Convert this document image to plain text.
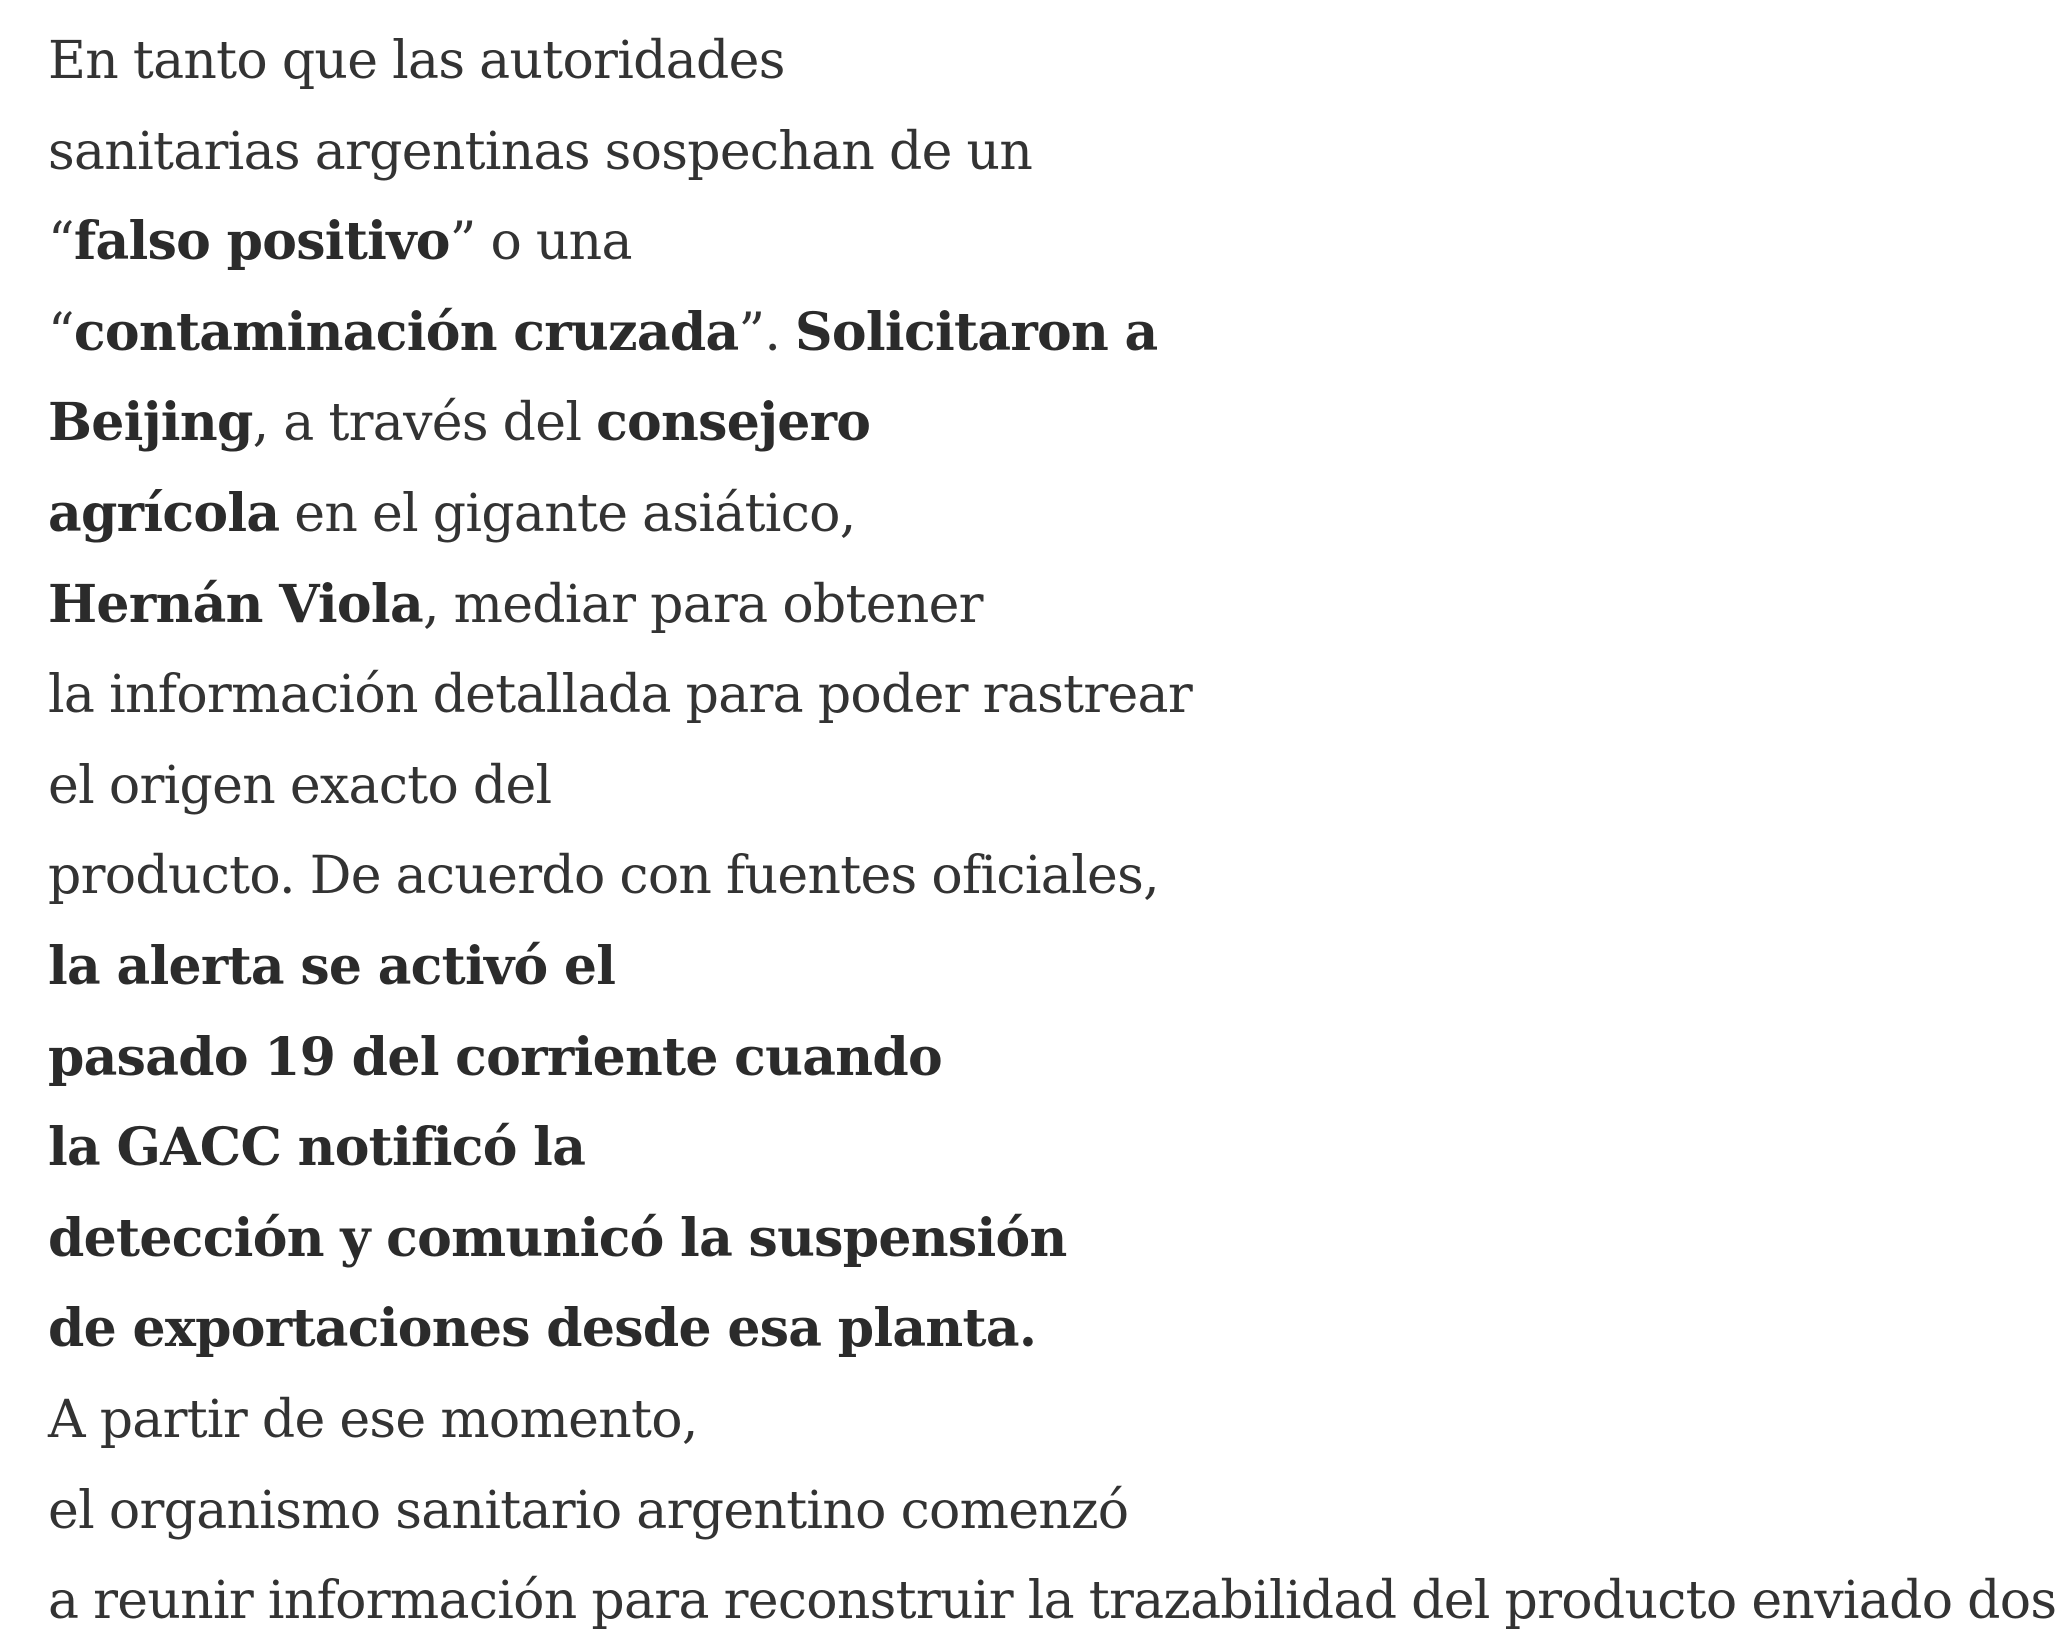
En tanto que las autoridades
sanitarias argentinas sospechan de un
“falso positivo” o una
“contaminación cruzada”. Solicitaron a
Beijing, a través del consejero
agrícola en el gigante asiático,
Hernán Viola, mediar para obtener
la información detallada para poder rastrear
el origen exacto del
producto. De acuerdo con fuentes oficiales,
la alerta se activó el
pasado 19 del corriente cuando
la GACC notificó la
detección y comunicó la suspensión
de exportaciones desde esa planta.
A partir de ese momento,
el organismo sanitario argentino comenzó
a reunir información para reconstruir la trazabilidad del producto enviado dos
